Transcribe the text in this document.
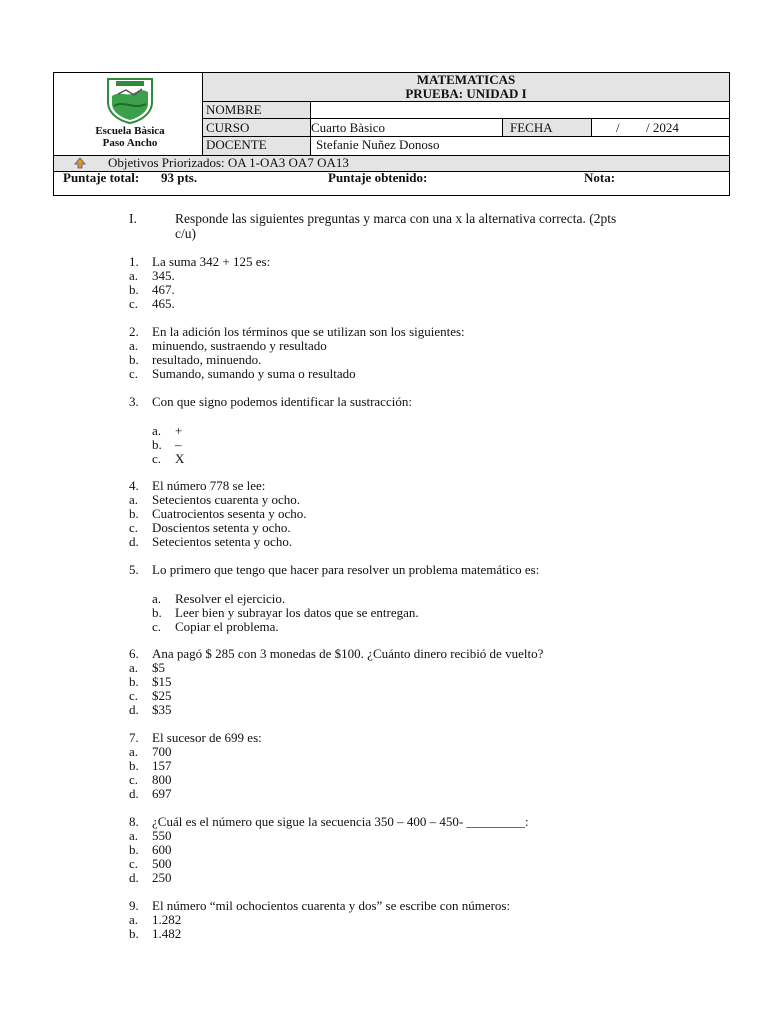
Escuela Bàsica
Paso Ancho
MATEMATICAS
PRUEBA: UNIDAD I
NOMBRE
CURSO	Cuarto Bàsico	FECHA	/ / 2024
DOCENTE	Stefanie Nuñez Donoso
Objetivos Priorizados: OA 1-OA3 OA7 OA13
Puntaje total: 93 pts.	Puntaje obtenido:	Nota:
I.	Responde las siguientes preguntas y marca con una x la alternativa correcta. (2pts
c/u)
1. La suma 342 + 125 es:
a. 345.
b. 467.
c. 465.
2. En la adición los términos que se utilizan son los siguientes:
a. minuendo, sustraendo y resultado
b. resultado, minuendo.
c. Sumando, sumando y suma o resultado
3. Con que signo podemos identificar la sustracción:
a. +
b. –
c. X
4. El número 778 se lee:
a. Setecientos cuarenta y ocho.
b. Cuatrocientos sesenta y ocho.
c. Doscientos setenta y ocho.
d. Setecientos setenta y ocho.
5. Lo primero que tengo que hacer para resolver un problema matemático es:
a. Resolver el ejercicio.
b. Leer bien y subrayar los datos que se entregan.
c. Copiar el problema.
6. Ana pagó $ 285 con 3 monedas de $100. ¿Cuánto dinero recibió de vuelto?
a. $5
b. $15
c. $25
d. $35
7. El sucesor de 699 es:
a. 700
b. 157
c. 800
d. 697
8. ¿Cuál es el número que sigue la secuencia 350 – 400 – 450- _________:
a. 550
b. 600
c. 500
d. 250
9. El número “mil ochocientos cuarenta y dos” se escribe con números:
a. 1.282
b. 1.482
